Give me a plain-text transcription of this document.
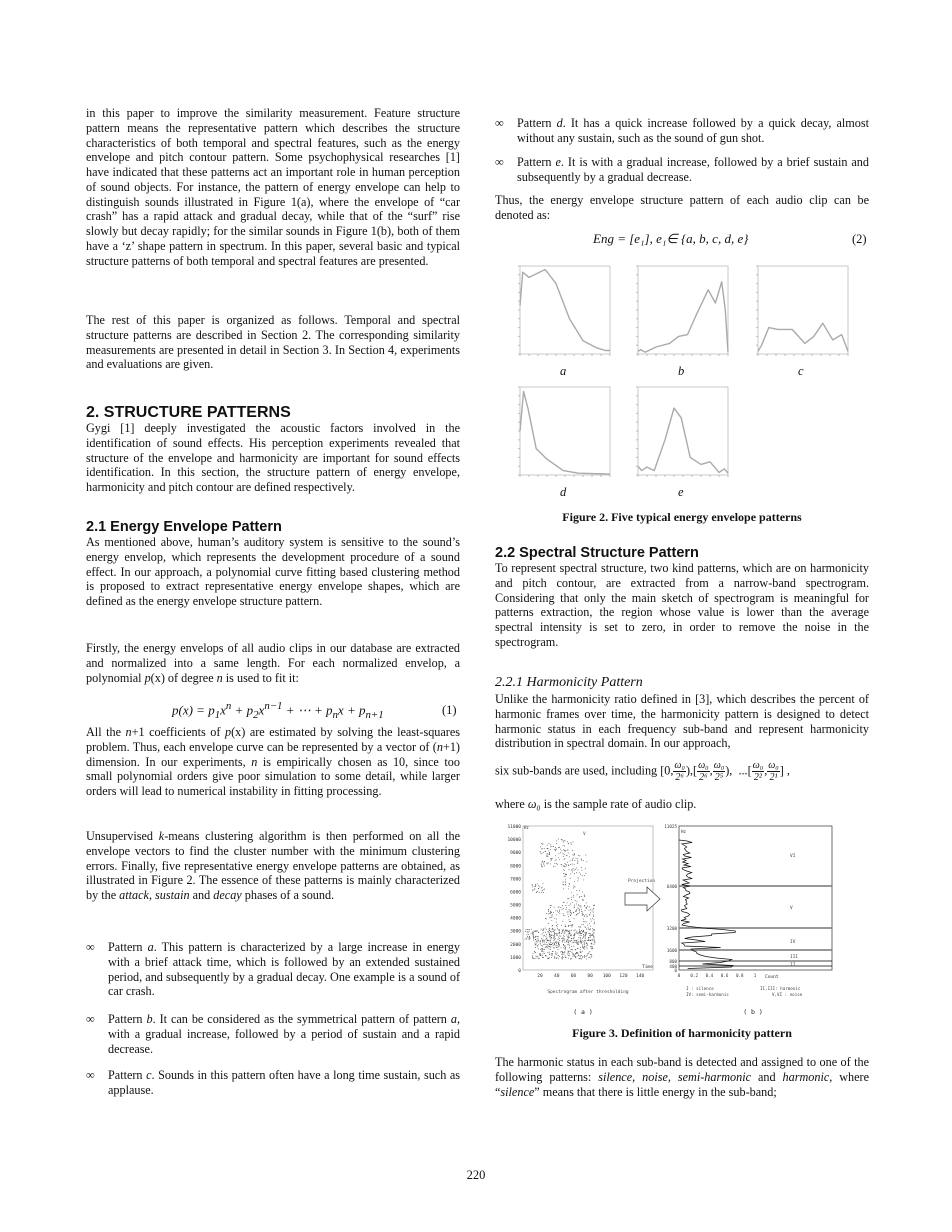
in this paper to improve the similarity measurement. Feature structure pattern means the representative pattern which describes the structure characteristics of both temporal and spectral features, such as the energy envelope and pitch contour pattern. Some psychophysical researches [1] have indicated that these patterns act an important role in human perception of sound objects. For instance, the pattern of energy envelope can help to distinguish sounds illustrated in Figure 1(a), where the envelope of “car crash” has a rapid attack and gradual decay, while that of the “surf” rise slowly but decay rapidly; for the similar sounds in Figure 1(b), both of them have a ‘z’ shape pattern in spectrum. In this paper, several basic and typical structure patterns of both temporal and spectral features are presented.
The rest of this paper is organized as follows. Temporal and spectral structure patterns are described in Section 2. The corresponding similarity measurements are presented in detail in Section 3. In Section 4, experiments and evaluations are given.
2. STRUCTURE PATTERNS
Gygi [1] deeply investigated the acoustic factors involved in the identification of sound effects. His perception experiments revealed that structure of the envelope and harmonicity are important for sound effects identification. In this section, the structure pattern of energy envelope, harmonicity and pitch contour are defined respectively.
2.1 Energy Envelope Pattern
As mentioned above, human’s auditory system is sensitive to the sound’s energy envelop, which represents the development procedure of a sound effect. In our approach, a polynomial curve fitting based clustering method is proposed to extract representative energy envelope shapes, which are defined as the energy envelope structure pattern.
Firstly, the energy envelops of all audio clips in our database are extracted and normalized into a same length. For each normalized envelop, a polynomial p(x) of degree n is used to fit it:
$p(x) = p_1x^n + p_2x^{n-1}$ + ⋯ + $p_nx + p_{n+1}$	(1)
All the n+1 coefficients of p(x) are estimated by solving the least-squares problem. Thus, each envelope curve can be represented by a vector of (n+1) dimension. In our experiments, n is empirically chosen as 10, since too small polynomial orders give poor simulation to some detail, while larger orders will lead to numerical instability in fitting processing.
Unsupervised k-means clustering algorithm is then performed on all the envelope vectors to find the cluster number with the minimum clustering errors. Finally, five representative energy envelope patterns are obtained, as illustrated in Figure 2. The essence of these patterns is mainly characterized by the attack, sustain and decay phases of a sound.
∞ Pattern a. This pattern is characterized by a large increase in energy with a brief attack time, which is followed by an extended sustained period, and subsequently by a gradual decay. One example is a sound of car crash.
∞ Pattern b. It can be considered as the symmetrical pattern of pattern a, with a gradual increase, followed by a period of sustain and a rapid decrease.
∞ Pattern c. Sounds in this pattern often have a long time sustain, such as applause.
∞ Pattern d. It has a quick increase followed by a quick decay, almost without any sustain, such as the sound of gun shot.
∞ Pattern e. It is with a gradual increase, followed by a brief sustain and subsequently by a gradual decrease.
Thus, the energy envelope structure pattern of each audio clip can be denoted as:
Eng = [e₁], e₁∈ {a, b, c, d, e}	(2)
a	b	c
d	e
Figure 2. Five typical energy envelope patterns
2.2 Spectral Structure Pattern
To represent spectral structure, two kind patterns, which are on harmonicity and pitch contour, are extracted from a narrow-band spectrogram. Considering that only the main sketch of spectrogram is meaningful for patterns extraction, the region whose value is lower than the average spectral intensity is set to zero, in order to remove the noise in the spectrogram.
2.2.1 Harmonicity Pattern
Unlike the harmonicity ratio defined in [3], which describes the percent of harmonic frames over time, the harmonicity pattern is designed to detect harmonic status in each frequency sub-band and represent harmonicity distribution in spectral domain. In our approach,
six sub-bands are used, including [0, $\frac{\text{ω₀}}{\text{2⁶}}$ ),[ $\frac{\text{ω₀}}{\text{2⁶}}$ , $\frac{\text{ω₀}}{\text{2⁵}}$ ),  ...[ $\frac{\text{ω₀}}{\text{2²}}$ , $\frac{\text{ω₀}}{\text{2¹}}$ ] ,
where ω₀ is the sample rate of audio clip.
11000
10000
9000
8000
7000
6000
5000
4000
3000
2000
1000
0
20	40	60	80 100 120 140
Hz
Time
V
Spectrogram after thresholding
Projection
11025
6400
3200
1600
800
400
0
0 0.2 0.4 0.6 0.8 1
Hz
Count
VI
V
IV
III
II
I : silence	II,III: harmonic
IV: semi-harmonic	V,VI : noise
( a )	( b )
Figure 3. Definition of harmonicity pattern
The harmonic status in each sub-band is detected and assigned to one of the following patterns: silence, noise, semi-harmonic and harmonic, where “silence” means that there is little energy in the sub-band;
220
